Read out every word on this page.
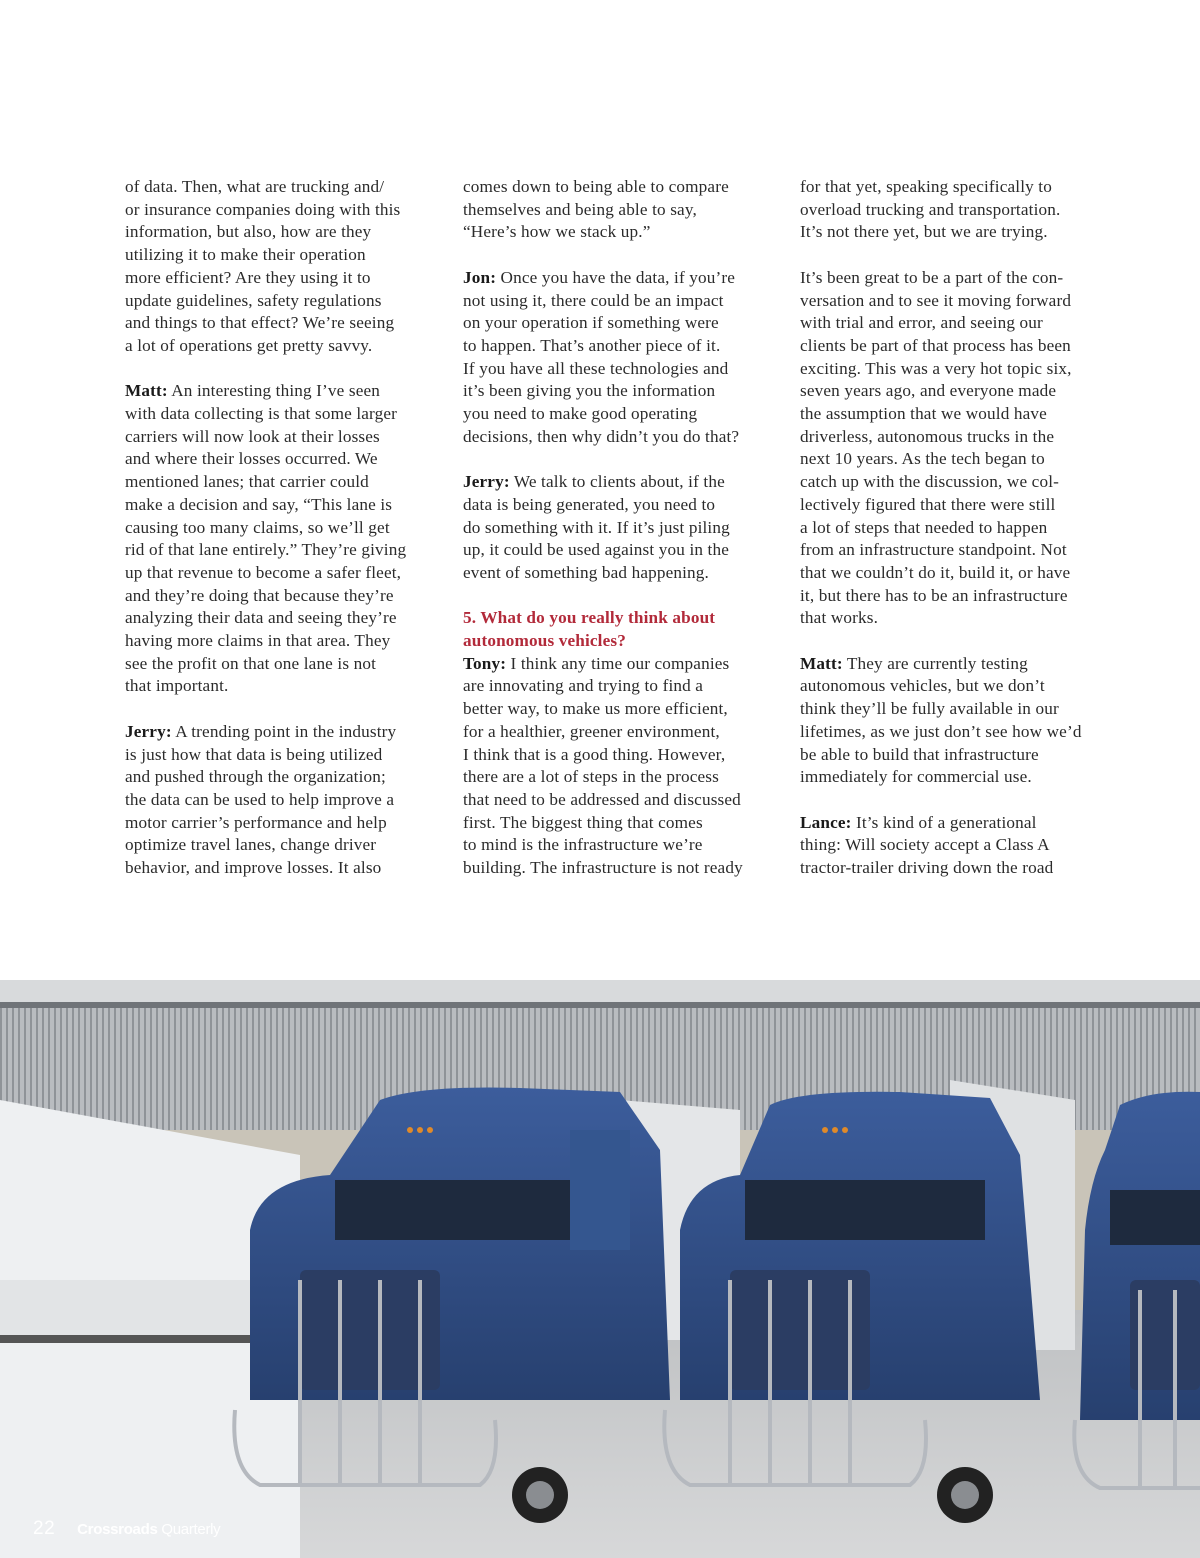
of data. Then, what are trucking and/
or insurance companies doing with this
information, but also, how are they
utilizing it to make their operation
more efficient? Are they using it to
update guidelines, safety regulations
and things to that effect? We’re seeing
a lot of operations get pretty savvy.

Matt: An interesting thing I’ve seen
with data collecting is that some larger
carriers will now look at their losses
and where their losses occurred. We
mentioned lanes; that carrier could
make a decision and say, “This lane is
causing too many claims, so we’ll get
rid of that lane entirely.” They’re giving
up that revenue to become a safer fleet,
and they’re doing that because they’re
analyzing their data and seeing they’re
having more claims in that area. They
see the profit on that one lane is not
that important.

Jerry: A trending point in the industry
is just how that data is being utilized
and pushed through the organization;
the data can be used to help improve a
motor carrier’s performance and help
optimize travel lanes, change driver
behavior, and improve losses. It also

comes down to being able to compare
themselves and being able to say,
“Here’s how we stack up.”

Jon: Once you have the data, if you’re
not using it, there could be an impact
on your operation if something were
to happen. That’s another piece of it.
If you have all these technologies and
it’s been giving you the information
you need to make good operating
decisions, then why didn’t you do that?

Jerry: We talk to clients about, if the
data is being generated, you need to
do something with it. If it’s just piling
up, it could be used against you in the
event of something bad happening.

5. What do you really think about
autonomous vehicles?

Tony: I think any time our companies
are innovating and trying to find a
better way, to make us more efficient,
for a healthier, greener environment,
I think that is a good thing. However,
there are a lot of steps in the process
that need to be addressed and discussed
first. The biggest thing that comes
to mind is the infrastructure we’re
building. The infrastructure is not ready

for that yet, speaking specifically to
overload trucking and transportation.
It’s not there yet, but we are trying.

It’s been great to be a part of the con-
versation and to see it moving forward
with trial and error, and seeing our
clients be part of that process has been
exciting. This was a very hot topic six,
seven years ago, and everyone made
the assumption that we would have
driverless, autonomous trucks in the
next 10 years. As the tech began to
catch up with the discussion, we col-
lectively figured that there were still
a lot of steps that needed to happen
from an infrastructure standpoint. Not
that we couldn’t do it, build it, or have
it, but there has to be an infrastructure
that works.

Matt: They are currently testing
autonomous vehicles, but we don’t
think they’ll be fully available in our
lifetimes, as we just don’t see how we’d
be able to build that infrastructure
immediately for commercial use.

Lance: It’s kind of a generational
thing: Will society accept a Class A
tractor-trailer driving down the road

22 Crossroads Quarterly
